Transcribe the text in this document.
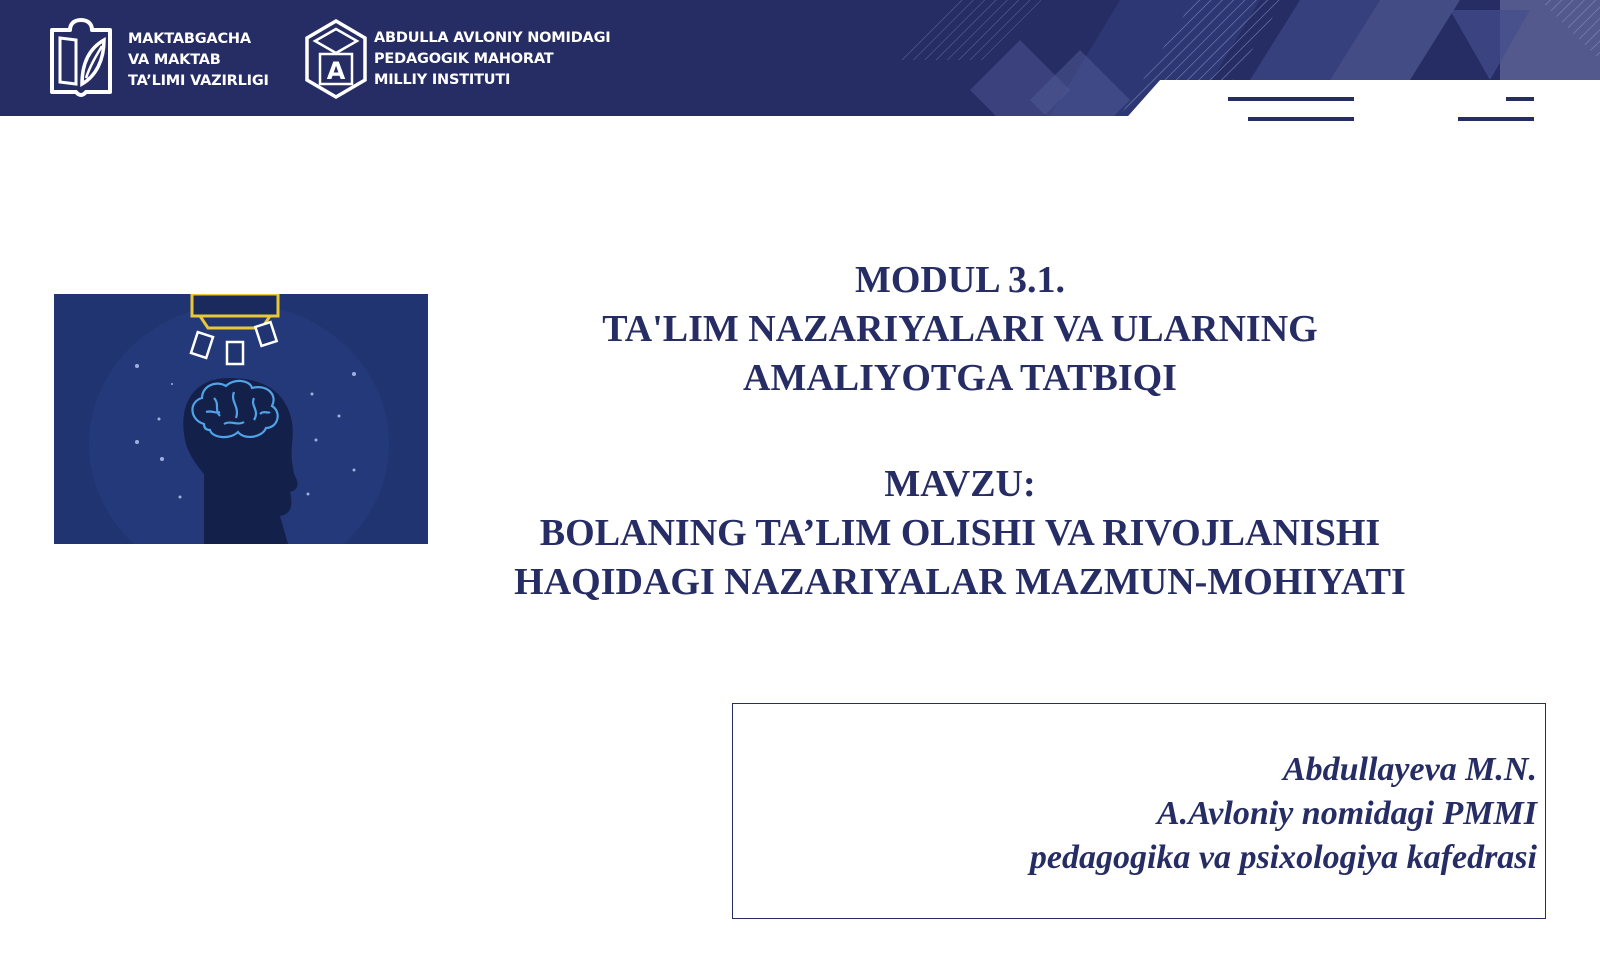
MAKTABGACHA
VA MAKTAB
TA’LIMI VAZIRLIGI A
ABDULLA AVLONIY NOMIDAGI
PEDAGOGIK MAHORAT
MILLIY INSTITUTI
MODUL 3.1.
TA'LIM NAZARIYALARI VA ULARNING
AMALIYOTGA TATBIQI
MAVZU:
BOLANING TA’LIM OLISHI VA RIVOJLANISHI
HAQIDAGI NAZARIYALAR MAZMUN-MOHIYATI
Abdullayeva M.N.
A.Avloniy nomidagi PMMI
pedagogika va psixologiya kafedrasi
